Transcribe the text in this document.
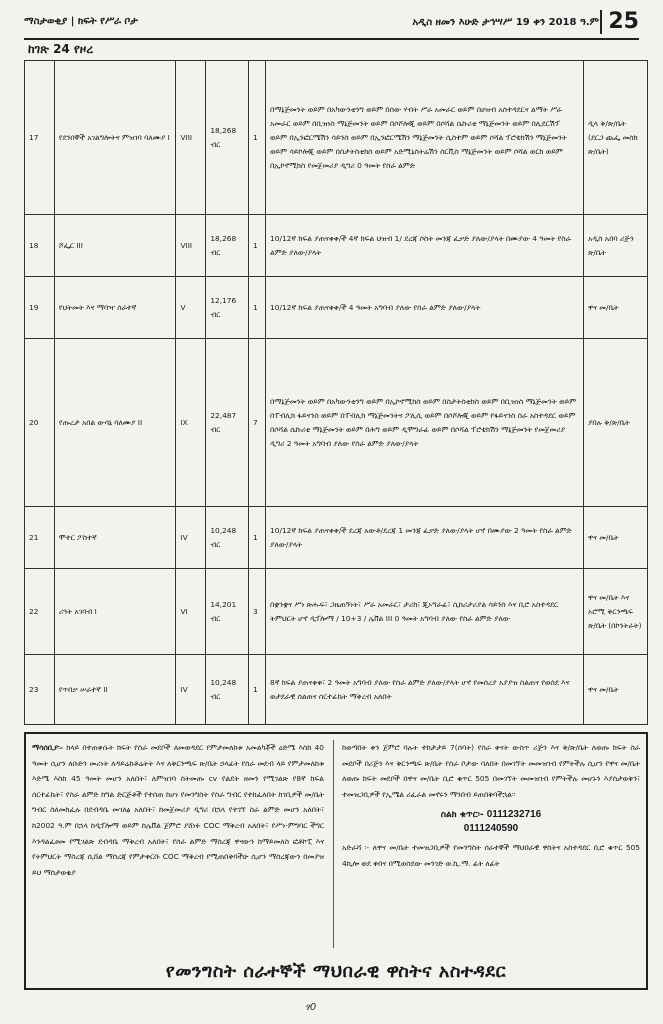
ማስታወቂያ | ክፍት የሥራ ቦታ	አዲስ ዘመን እሁድ ታኅሣሥ 19 ቀን 2018 ዓ.ም 25
ከገጽ 24 የዞረ
17	የደንበኞች አገልግሎትና ምዝገባ ባለሙያ I	VIII	18,268 ብር	1	በማኔጅመንት ወይም በአካውንቲንግ ወይም በሰው ሃብት ሥራ አመራር ወይም በሀዝብ አስተዳደርና ልማት ሥራ አመራር ወይም በቢዝነስ ማኔጅመንት ወይም በሶሾሎጂ ወይም በሶሻል ሴኩሪቲ ማኔጅመንት ወይም በሊደርሽፕ ወይም በኢንፎርሜሽን ሳይንስ ወይም በኢንፎርሜሽን ማኔጅመንት ሲስተም ወይም ሶሻል ፕሮቴክሽን ማኔጅመንት ወይም ሳይኮሎጂ ወይም በስታትስቲክስ ወይም አድሚኒስትሬሽን ሰርቪስ ማኔጅመንት ወይም ሶሻል ወርክ ወይም በኢኮኖሚክስ የመጀመሪያ ዲግሪ 0 ዓመት የስራ ልምድ	ዲላ ቅ/ጽ/ቤት (ደርጋ ጨፌ መስክ ጽ/ቤት)
18	ሾፌር III	VIII	18,268 ብር	1	10/12ኛ ክፍል ያጠናቀቀ/ች 4ኛ ክፍል ህዝብ 1/ ደረጃ ሶስት መንጃ ፈቃድ ያለው/ያላት በሙያው 4 ዓመት የስራ ልምድ ያለው/ያላት	አዲስ አበባ ሪጅን ጽ/ቤት
19	የህትመት እና ማባዣ ሰራተኛ	V	12,176 ብር	1	10/12ኛ ክፍል ያጠናቀቀ/ች 4 ዓመት አግባብ ያለው የስራ ልምድ ያለው/ያላት	ዋና መ/ቤት
20	የጡረታ አበል ውሳኔ ባለሙያ II	IX	22,487 ብር	7	በማኔጅመንት ወይም በአካውንቲንግ ወይም በኢኮኖሚክስ ወይም በስታትስቲክስ ወይም በቢዝነስ ማኔጅመንት ወይም በፐብሊክ ፋይናንስ ወይም በፐብሊክ ማኔጅመንትና ፖሊሲ ወይም በሶሾሎጂ ወይም የፋይናንስ ስራ አስተዳደር ወይም በሶሻል ሴኩሪቲ ማኔጅመንት ወይም በሕግ ወይም ዲሞግራፊ ወይም በሶሻል ፕሮቴክሽን ማኔጅመንት የመጀመሪያ ዲግሪ 2 ዓመት አግባብ ያለው የስራ ልምድ ያለው/ያላት	ያበሉ ቅ/ጽ/ቤት
21	ሞተር ፖስተኛ	IV	10,248 ብር	1	10/12ኛ ክፍል ያጠናቀቀ/ች ደረጃ አውቶ/ደረጃ 1 መንጃ ፈቃድ ያለው/ያላት ሆኖ በሙያው 2 ዓመት የስራ ልምድ ያለው/ያላት	ዋና መ/ቤት
22	ሪጓት አገባብ I	VI	14,201 ብር	3	በቋንቋና ሥነ ጽሑፍ፣ ጋዜጠኝነት፣ ሥራ አመራር፣ ታሪክ፣ ጂኦግራፊ፣ ሲከሪታሪያል ሳይንስ እና ቢሮ አስተዳደር ትምህርት ሆኖ ዲፕሎማ / 10+3 / ሌቨል III 0 ዓመት አግባብ ያለው የስራ ልምድ ያለው	ዋና መ/ቤት እና ኦሮሚ ቅርንጫፍ ጽ/ቤት (በኮንትራት)
23	የጥበቃ ሠራተኛ II	IV	10,248 ብር	1	8ኛ ክፍል ያጠናቀቀ፣ 2 ዓመት አግባብ ያለው የስራ ልምድ ያለው/ያላት ሆኖ የመሰረያ አያያዝ ስልጠና የወሰደ እና ወታደራዊ ስልጠና ሰርተፊኬት ማቅረብ አለበት	ዋና መ/ቤት
ማሳሰቢያ፡- ከላይ በተጠቀሱት ክፍት የስራ መደቦች ለመወዳደር የምታመለከቱ አመልካቾች ዕድሜ እስከ 40 ዓመት ሲሆን ለቡድን መሪነት ለዳይሬክቶሬትት እና ለቅርንጫፍ ጽ/ቤት ኃላፊት የስራ መደብ ላይ የምታመለከቱ እድሜ እስከ 45 ዓመት መሆን አለበት፣ ለምዝገባ ስትመጡ cv የልደት ዘመን የሚገልጽ የ8ኛ ክፍል ሰርተፊኬት፣ የስራ ልምድ ከግል ድርጅቶች የተሰጠ ከሆነ የመንግስት የስራ ግብር የተከፈለበት ከገቢዎች መ/ቤት ግብር ስለመከፈሉ በደብዳቤ መገለፅ አለበት፣ ከመጀመሪያ ዲግሪ በኋላ የተገኘ ስራ ልምድ መሆን አለበት፣ ከ2002 ዓ.ም በኋላ ከዲፕሎማ ወይም ከሌቨል ጀምሮ ያሸነፉ COC ማቅረብ አለበት፣ የሥነ-ምግባር ችግር እንዳልፈፀመ የሚገልጽ ደብዳቤ ማቅረብ አለበት፣ የስራ ልምድ ማስረጃ ዋናውን ከማይመለስ ፎቶኮፒ እና የትምህርት ማስረጃ ሲሸል ማስረጃ የምታቀርቡ COC ማቅረብ የሚጠበቅባችሁ ሲሆን ማስረጃውን በመያዝ ይህ ማስታወቂያ
ከወጣበት ቀን ጀምሮ ባሉት ተከታታይ 7(ሰባት) የስራ ቀናት ውስጥ ሪጅን እና ቅ/ጽ/ቤት ለወጡ ክፍት ስራ መደቦች በሪጅን እና ቅርንጫፍ ጽ/ቤት የስራ ቦታው ባለበት በመገኘት መመዝገብ የምትችሉ ሲሆን የዋና መ/ቤት ለወጡ ክፍት መደቦች በዋና መ/ቤት ቢሮ ቁጥር 505 በመገኘት መመዝገብ የምትችሉ መሆኑን እያስታወቅን፣ ተመዝጋቢዎች የኢሜል ሪፈራል መኖሩን ማንበብ ይጠበቅባችኋል፡፡
ስልክ ቁጥር፡- 0111232716
0111240590
አድራሻ ፡- ለዋና መ/ቤት ተመዝጋቢዎች የመንግስት ሰራተኞች ማህበራዊ ዋስትና አስተዳደር ቢሮ ቁጥር 505 4ኪሎ ወደ ቀበና በሚወስደው መንገድ ወ.ኪ.ማ. ፊት ለፊት
የመንግስት ሰራተኞች ማህበራዊ ዋስትና አስተዳደር
ፃ0
